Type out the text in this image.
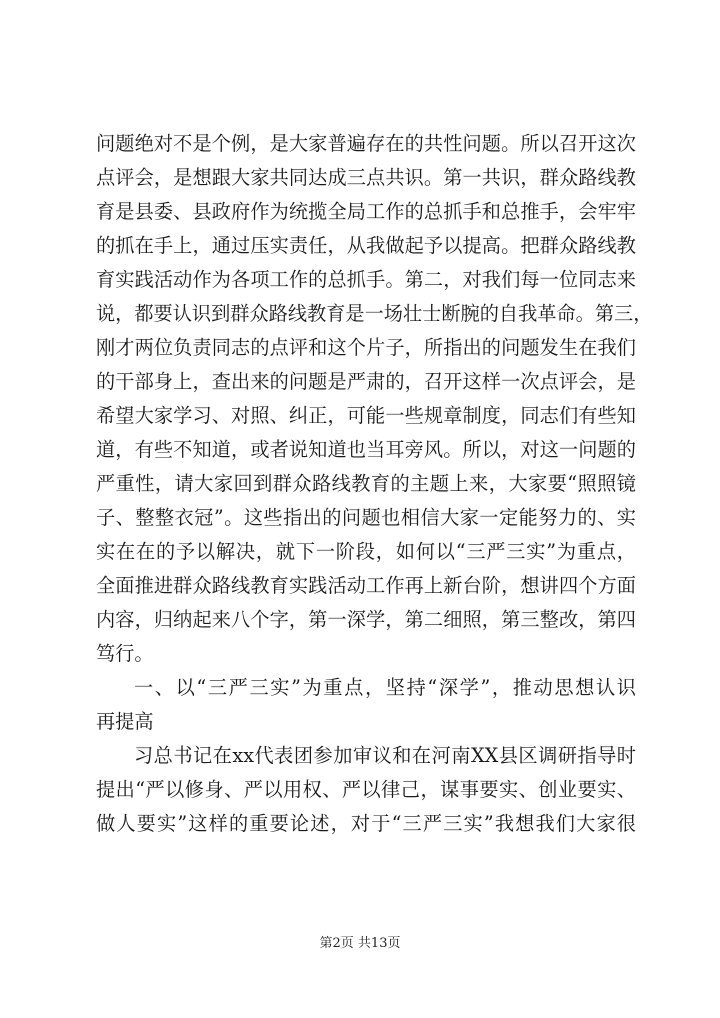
问题绝对不是个例，是大家普遍存在的共性问题。所以召开这次
点评会，是想跟大家共同达成三点共识。第一共识，群众路线教
育是县委、县政府作为统揽全局工作的总抓手和总推手，会牢牢
的抓在手上，通过压实责任，从我做起予以提高。把群众路线教
育实践活动作为各项工作的总抓手。第二，对我们每一位同志来
说，都要认识到群众路线教育是一场壮士断腕的自我革命。第三，
刚才两位负责同志的点评和这个片子，所指出的问题发生在我们
的干部身上，查出来的问题是严肃的，召开这样一次点评会，是
希望大家学习、对照、纠正，可能一些规章制度，同志们有些知
道，有些不知道，或者说知道也当耳旁风。所以，对这一问题的
严重性，请大家回到群众路线教育的主题上来，大家要“照照镜
子、整整衣冠”。这些指出的问题也相信大家一定能努力的、实
实在在的予以解决，就下一阶段，如何以“三严三实”为重点，
全面推进群众路线教育实践活动工作再上新台阶，想讲四个方面
内容，归纳起来八个字，第一深学，第二细照，第三整改，第四
笃行。
一、以“三严三实”为重点，坚持“深学”，推动思想认识
再提高
习总书记在xx代表团参加审议和在河南XX县区调研指导时
提出“严以修身、严以用权、严以律己，谋事要实、创业要实、
做人要实”这样的重要论述，对于“三严三实”我想我们大家很
第2页 共13页
